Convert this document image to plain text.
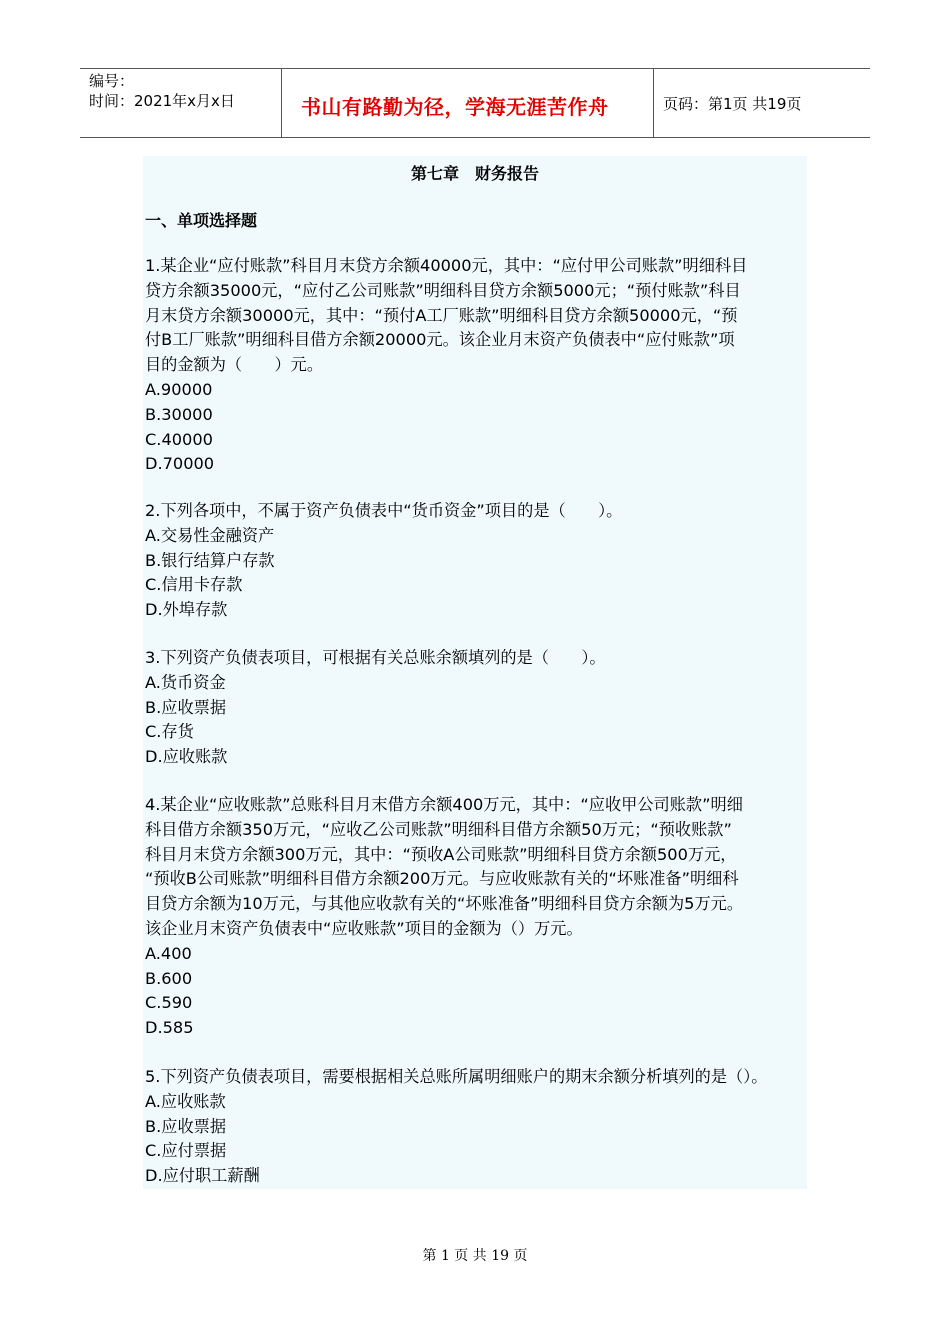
编号：
时间：2021年x月x日	书山有路勤为径，学海无涯苦作舟	页码：第1页 共19页
第七章　财务报告
一、单项选择题

1.某企业“应付账款”科目月末贷方余额40000元，其中：“应付甲公司账款”明细科目

贷方余额35000元，“应付乙公司账款”明细科目贷方余额5000元；“预付账款”科目

月末贷方余额30000元，其中：“预付A工厂账款”明细科目贷方余额50000元，“预

付B工厂账款”明细科目借方余额20000元。该企业月末资产负债表中“应付账款”项

目的金额为（　　）元。

A.90000

B.30000

C.40000

D.70000

2.下列各项中，不属于资产负债表中“货币资金”项目的是（　　）。

A.交易性金融资产

B.银行结算户存款

C.信用卡存款

D.外埠存款

3.下列资产负债表项目，可根据有关总账余额填列的是（　　）。

A.货币资金

B.应收票据

C.存货

D.应收账款

4.某企业“应收账款”总账科目月末借方余额400万元，其中：“应收甲公司账款”明细

科目借方余额350万元，“应收乙公司账款”明细科目借方余额50万元；“预收账款”

科目月末贷方余额300万元，其中：“预收A公司账款”明细科目贷方余额500万元，

“预收B公司账款”明细科目借方余额200万元。与应收账款有关的“坏账准备”明细科

目贷方余额为10万元，与其他应收款有关的“坏账准备”明细科目贷方余额为5万元。

该企业月末资产负债表中“应收账款”项目的金额为（）万元。

A.400

B.600

C.590

D.585

5.下列资产负债表项目，需要根据相关总账所属明细账户的期末余额分析填列的是（）。

A.应收账款

B.应收票据

C.应付票据

D.应付职工薪酬

第 1 页 共 19 页
